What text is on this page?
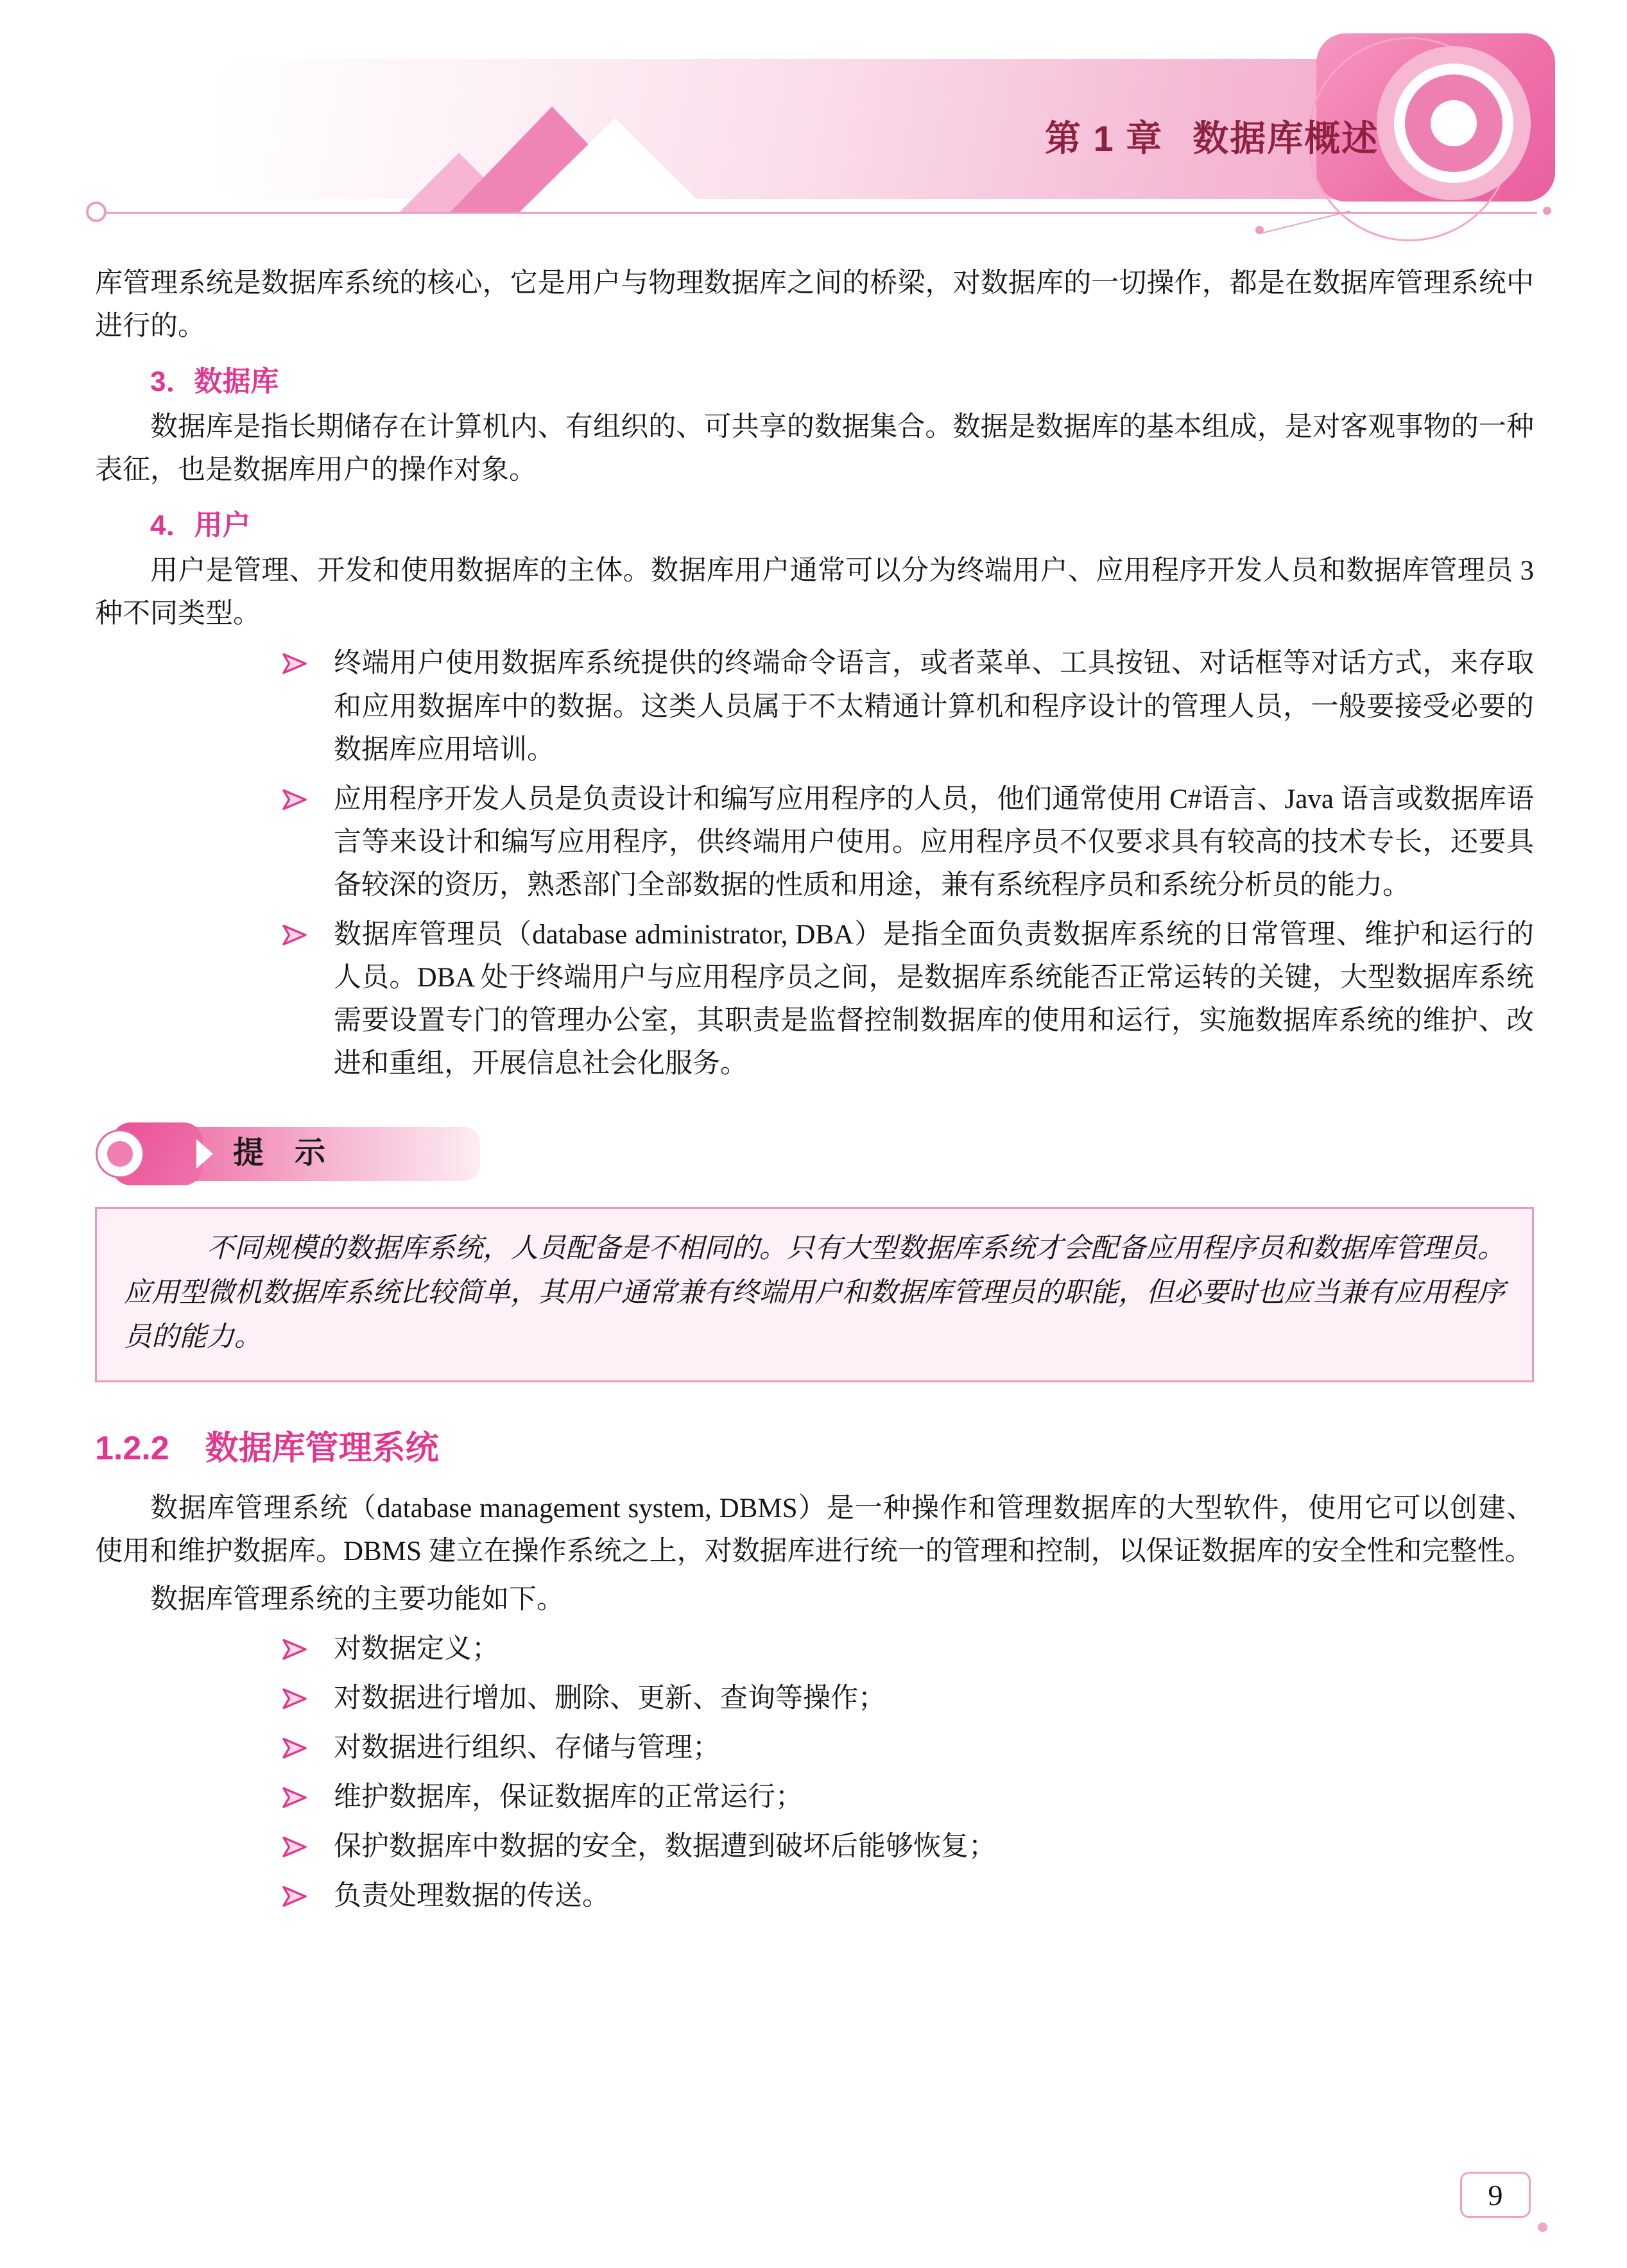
第 1 章 数据库概述

库管理系统是数据库系统的核心，它是用户与物理数据库之间的桥梁，对数据库的一切操作，都是在数据库管理系统中进行的。

3．数据库

数据库是指长期储存在计算机内、有组织的、可共享的数据集合。数据是数据库的基本组成，是对客观事物的一种表征，也是数据库用户的操作对象。

4．用户

用户是管理、开发和使用数据库的主体。数据库用户通常可以分为终端用户、应用程序开发人员和数据库管理员 3 种不同类型。

终端用户使用数据库系统提供的终端命令语言，或者菜单、工具按钮、对话框等对话方式，来存取和应用数据库中的数据。这类人员属于不太精通计算机和程序设计的管理人员，一般要接受必要的数据库应用培训。
应用程序开发人员是负责设计和编写应用程序的人员，他们通常使用 C#语言、Java 语言或数据库语言等来设计和编写应用程序，供终端用户使用。应用程序员不仅要求具有较高的技术专长，还要具备较深的资历，熟悉部门全部数据的性质和用途，兼有系统程序员和系统分析员的能力。
数据库管理员（database administrator, DBA）是指全面负责数据库系统的日常管理、维护和运行的人员。DBA 处于终端用户与应用程序员之间，是数据库系统能否正常运转的关键，大型数据库系统需要设置专门的管理办公室，其职责是监督控制数据库的使用和运行，实施数据库系统的维护、改进和重组，开展信息社会化服务。
提　示

不同规模的数据库系统，人员配备是不相同的。只有大型数据库系统才会配备应用程序员和数据库管理员。应用型微机数据库系统比较简单，其用户通常兼有终端用户和数据库管理员的职能，但必要时也应当兼有应用程序员的能力。

1.2.2 数据库管理系统

数据库管理系统（database management system, DBMS）是一种操作和管理数据库的大型软件，使用它可以创建、使用和维护数据库。DBMS 建立在操作系统之上，对数据库进行统一的管理和控制，以保证数据库的安全性和完整性。

数据库管理系统的主要功能如下。

对数据定义；
对数据进行增加、删除、更新、查询等操作；
对数据进行组织、存储与管理；
维护数据库，保证数据库的正常运行；
保护数据库中数据的安全，数据遭到破坏后能够恢复；
负责处理数据的传送。
9
